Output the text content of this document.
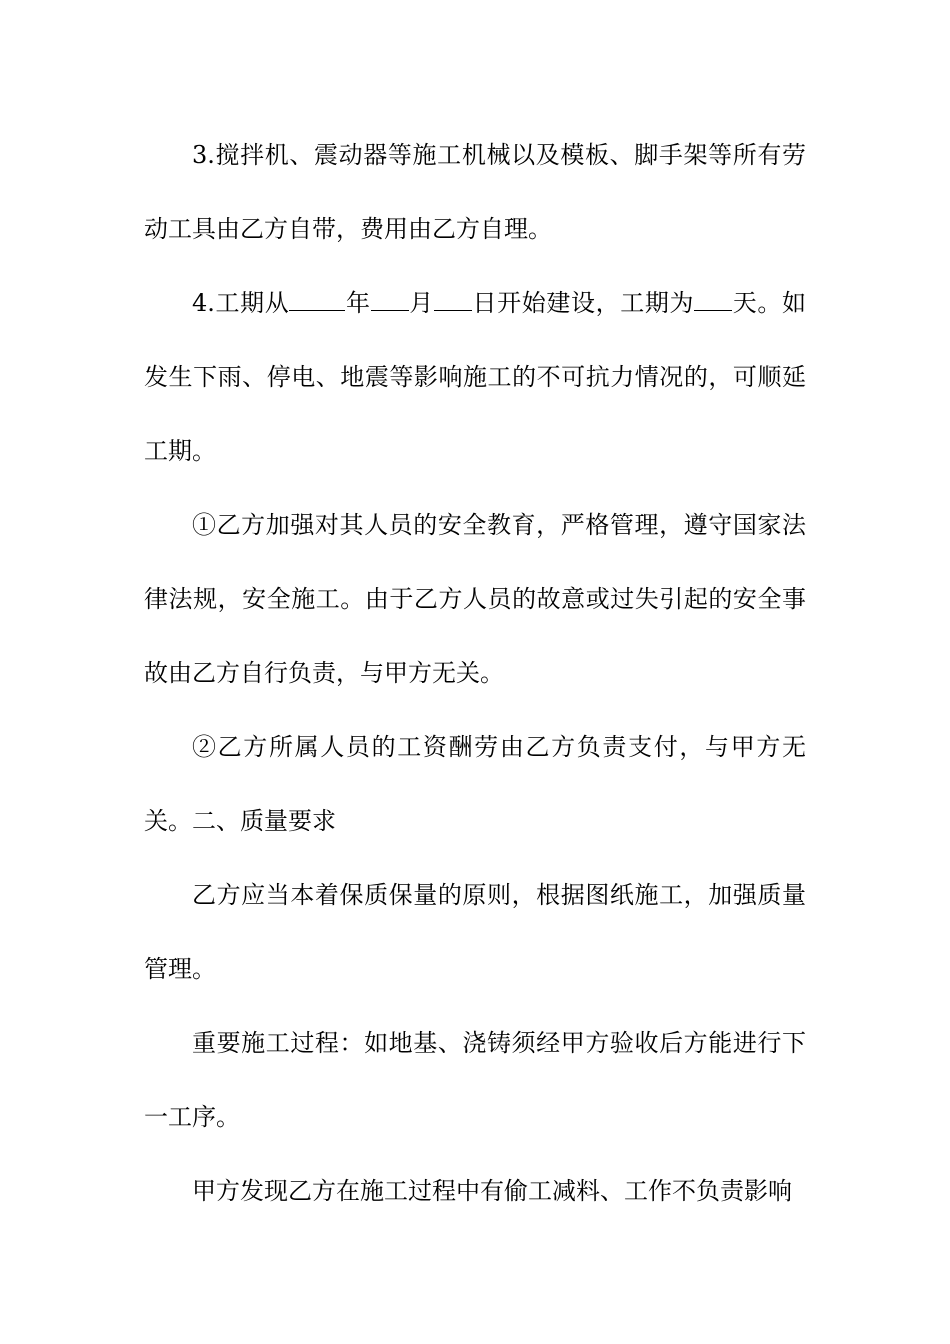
3.搅拌机、震动器等施工机械以及模板、脚手架等所有劳动工具由乙方自带，费用由乙方自理。

4.工期从 年 月 日开始建设，工期为 天。如发生下雨、停电、地震等影响施工的不可抗力情况的，可顺延工期。

①乙方加强对其人员的安全教育，严格管理，遵守国家法律法规，安全施工。由于乙方人员的故意或过失引起的安全事故由乙方自行负责，与甲方无关。

②乙方所属人员的工资酬劳由乙方负责支付，与甲方无关。 二、质量要求

乙方应当本着保质保量的原则，根据图纸施工，加强质量管理。

重要施工过程：如地基、浇铸须经甲方验收后方能进行下一工序。

甲方发现乙方在施工过程中有偷工减料、工作不负责影响
